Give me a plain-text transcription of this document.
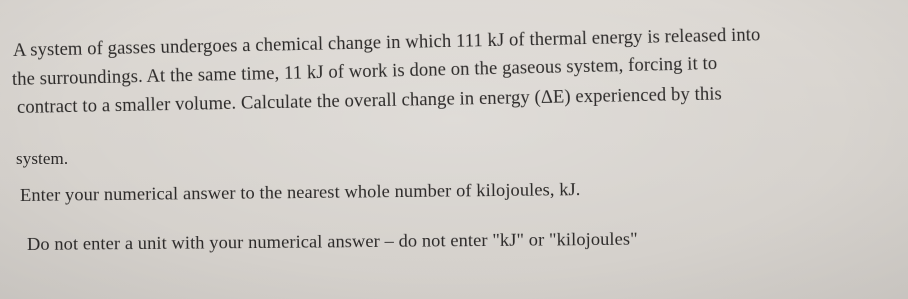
A system of gasses undergoes a chemical change in which 111 kJ of thermal energy is released into
the surroundings. At the same time, 11 kJ of work is done on the gaseous system, forcing it to
contract to a smaller volume. Calculate the overall change in energy (ΔE) experienced by this
system.
Enter your numerical answer to the nearest whole number of kilojoules, kJ.
Do not enter a unit with your numerical answer – do not enter "kJ" or "kilojoules"
